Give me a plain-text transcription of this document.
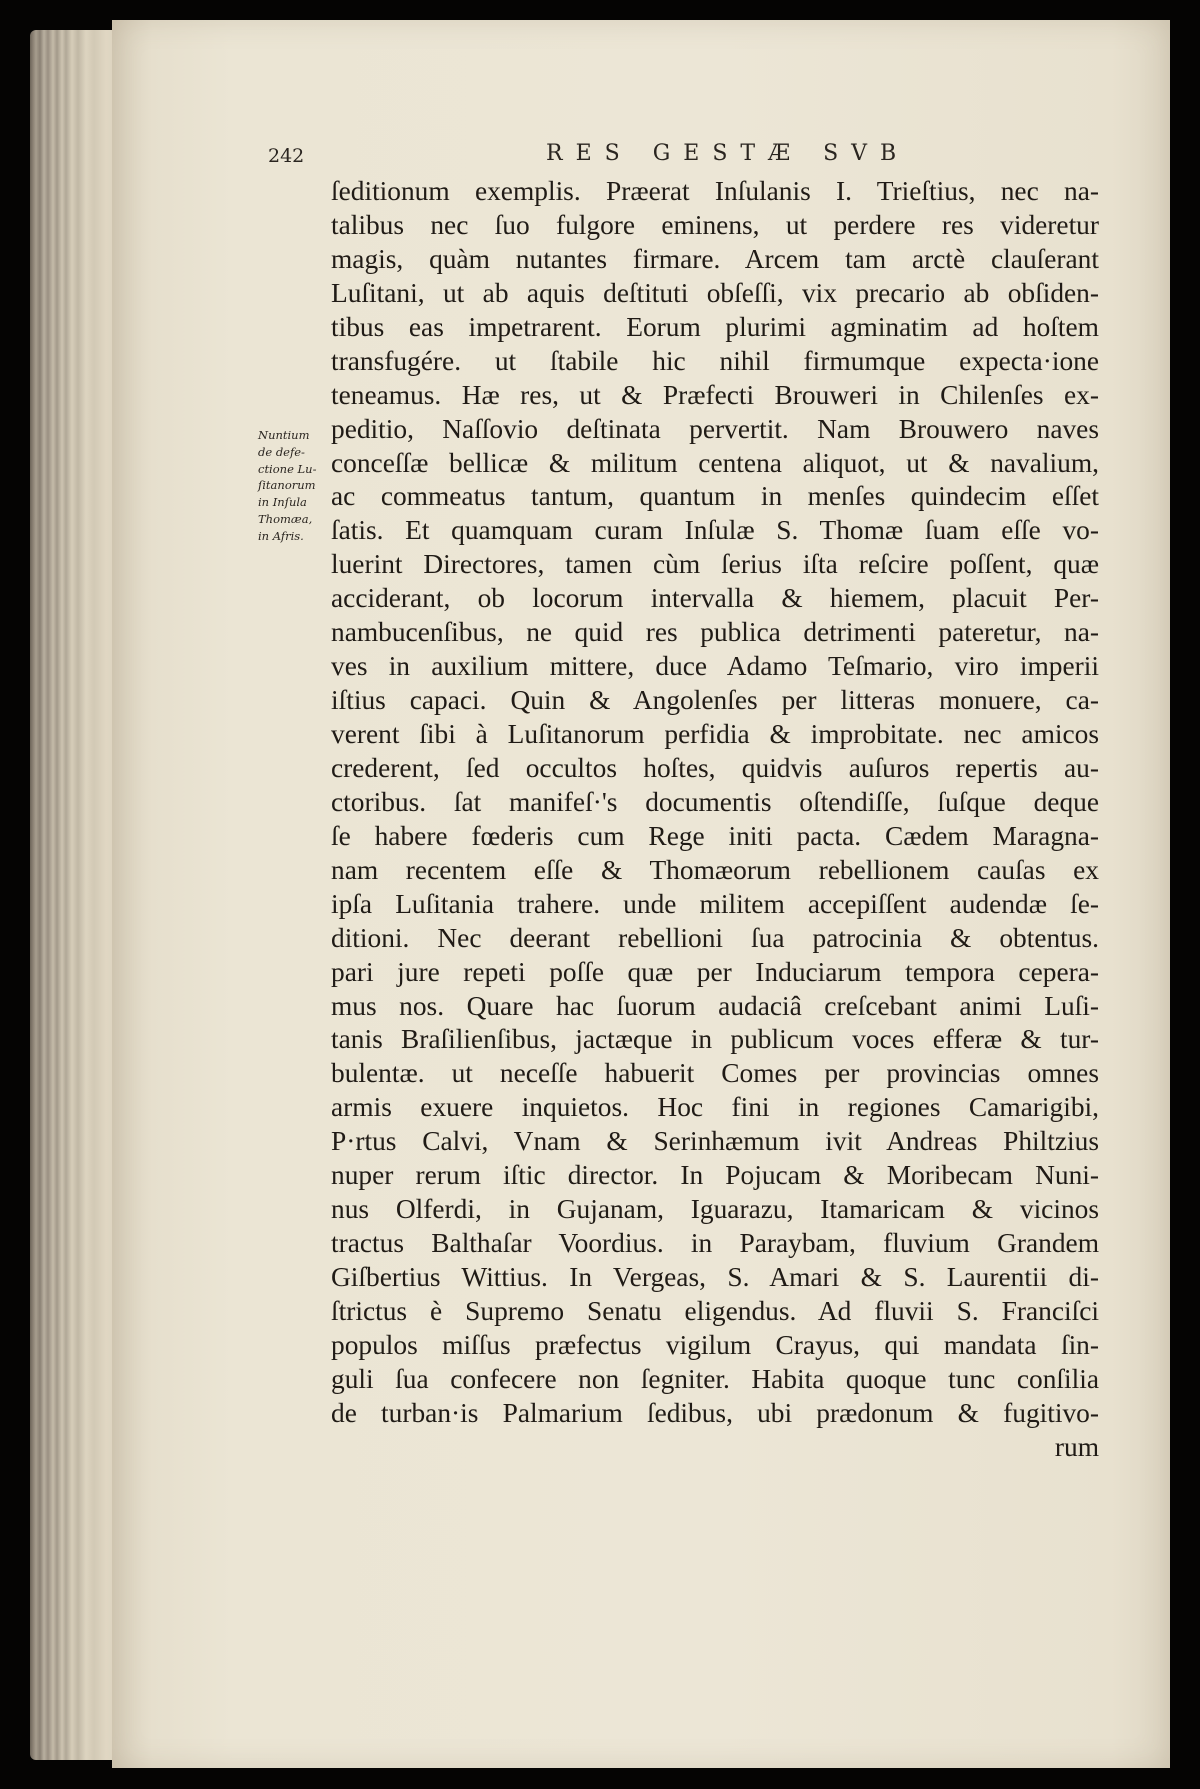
242	RES GESTÆ SVB
Nuntium
de defe-
ctione Lu-
ſitanorum
in Inſula
Thomæa,
in Afris.
ſeditionum exemplis. Præerat Inſulanis I. Trieſtius, nec na-
talibus nec ſuo fulgore eminens, ut perdere res videretur
magis, quàm nutantes firmare. Arcem tam arctè clauſerant
Luſitani, ut ab aquis deſtituti obſeſſi, vix precario ab obſiden-
tibus eas impetrarent. Eorum plurimi agminatim ad hoſtem
transfugére. ut ſtabile hic nihil firmumque expecta·ione
teneamus. Hæ res, ut & Præfecti Brouweri in Chilenſes ex-
peditio, Naſſovio deſtinata pervertit. Nam Brouwero naves
conceſſæ bellicæ & militum centena aliquot, ut & navalium,
ac commeatus tantum, quantum in menſes quindecim eſſet
ſatis. Et quamquam curam Inſulæ S. Thomæ ſuam eſſe vo-
luerint Directores, tamen cùm ſerius iſta reſcire poſſent, quæ
acciderant, ob locorum intervalla & hiemem, placuit Per-
nambucenſibus, ne quid res publica detrimenti pateretur, na-
ves in auxilium mittere, duce Adamo Teſmario, viro imperii
iſtius capaci. Quin & Angolenſes per litteras monuere, ca-
verent ſibi à Luſitanorum perfidia & improbitate. nec amicos
crederent, ſed occultos hoſtes, quidvis auſuros repertis au-
ctoribus. ſat manifeſ·'s documentis oſtendiſſe, ſuſque deque
ſe habere fœderis cum Rege initi pacta. Cædem Maragna-
nam recentem eſſe & Thomæorum rebellionem cauſas ex
ipſa Luſitania trahere. unde militem accepiſſent audendæ ſe-
ditioni. Nec deerant rebellioni ſua patrocinia & obtentus.
pari jure repeti poſſe quæ per Induciarum tempora cepera-
mus nos. Quare hac ſuorum audaciâ creſcebant animi Luſi-
tanis Braſilienſibus, jactæque in publicum voces efferæ & tur-
bulentæ. ut neceſſe habuerit Comes per provincias omnes
armis exuere inquietos. Hoc fini in regiones Camarigibi,
P·rtus Calvi, Vnam & Serinhæmum ivit Andreas Philtzius
nuper rerum iſtic director. In Pojucam & Moribecam Nuni-
nus Olferdi, in Gujanam, Iguarazu, Itamaricam & vicinos
tractus Balthaſar Voordius. in Paraybam, fluvium Grandem
Giſbertius Wittius. In Vergeas, S. Amari & S. Laurentii di-
ſtrictus è Supremo Senatu eligendus. Ad fluvii S. Franciſci
populos miſſus præfectus vigilum Crayus, qui mandata ſin-
guli ſua confecere non ſegniter. Habita quoque tunc conſilia
de turban·is Palmarium ſedibus, ubi prædonum & fugitivo-
rum
